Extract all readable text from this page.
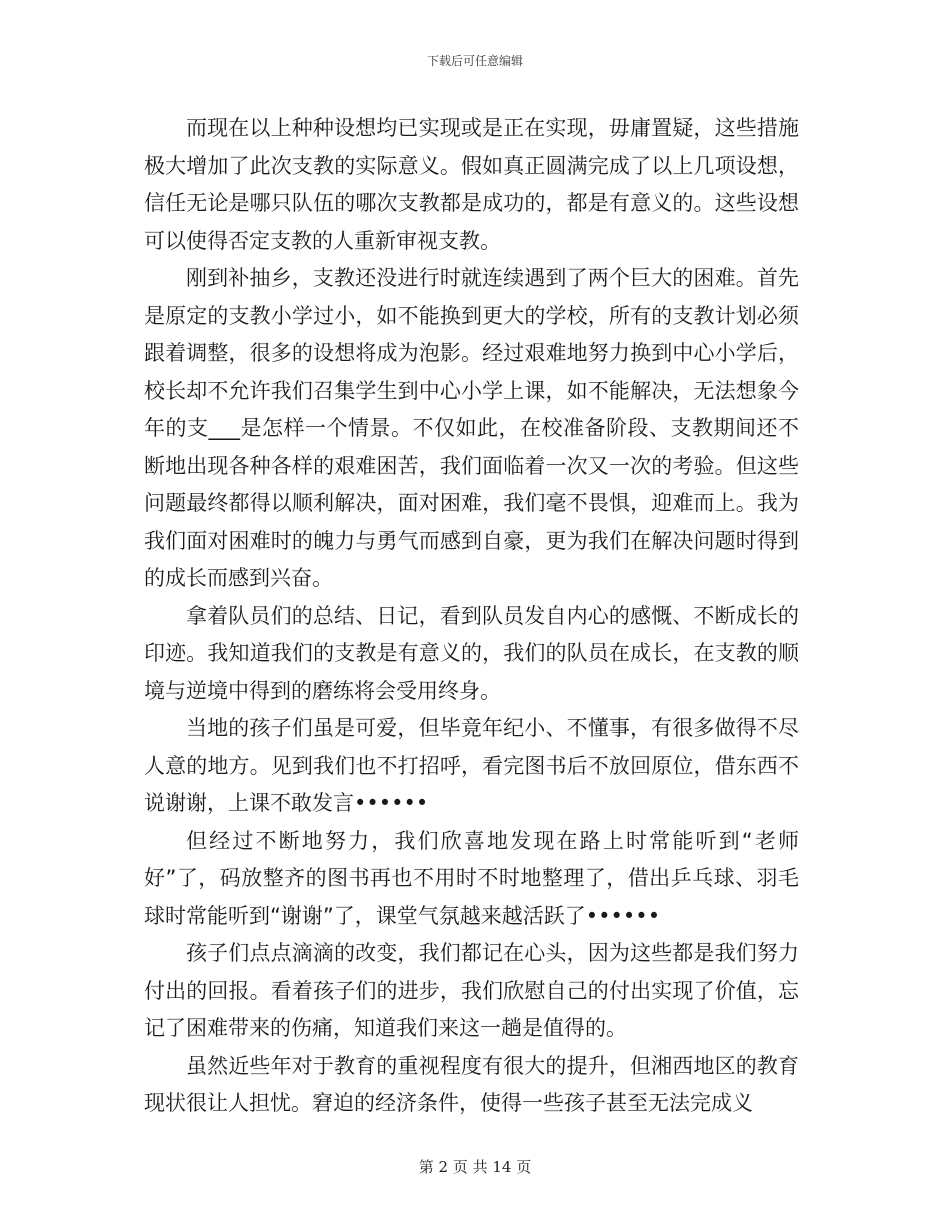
下载后可任意编辑

而现在以上种种设想均已实现或是正在实现，毋庸置疑，这些措施极大增加了此次支教的实际意义。假如真正圆满完成了以上几项设想，信任无论是哪只队伍的哪次支教都是成功的，都是有意义的。这些设想可以使得否定支教的人重新审视支教。

刚到补抽乡，支教还没进行时就连续遇到了两个巨大的困难。首先是原定的支教小学过小，如不能换到更大的学校，所有的支教计划必须跟着调整，很多的设想将成为泡影。经过艰难地努力换到中心小学后，校长却不允许我们召集学生到中心小学上课，如不能解决，无法想象今年的支___是怎样一个情景。不仅如此，在校准备阶段、支教期间还不断地出现各种各样的艰难困苦，我们面临着一次又一次的考验。但这些问题最终都得以顺利解决，面对困难，我们毫不畏惧，迎难而上。我为我们面对困难时的魄力与勇气而感到自豪，更为我们在解决问题时得到的成长而感到兴奋。

拿着队员们的总结、日记，看到队员发自内心的感慨、不断成长的印迹。我知道我们的支教是有意义的，我们的队员在成长，在支教的顺境与逆境中得到的磨练将会受用终身。

当地的孩子们虽是可爱，但毕竟年纪小、不懂事，有很多做得不尽人意的地方。见到我们也不打招呼，看完图书后不放回原位，借东西不说谢谢，上课不敢发言••••••

但经过不断地努力，我们欣喜地发现在路上时常能听到“老师好”了，码放整齐的图书再也不用时不时地整理了，借出乒乓球、羽毛球时常能听到“谢谢”了，课堂气氛越来越活跃了••••••

孩子们点点滴滴的改变，我们都记在心头，因为这些都是我们努力付出的回报。看着孩子们的进步，我们欣慰自己的付出实现了价值，忘记了困难带来的伤痛，知道我们来这一趟是值得的。

虽然近些年对于教育的重视程度有很大的提升，但湘西地区的教育现状很让人担忧。窘迫的经济条件，使得一些孩子甚至无法完成义

第 2 页 共 14 页
